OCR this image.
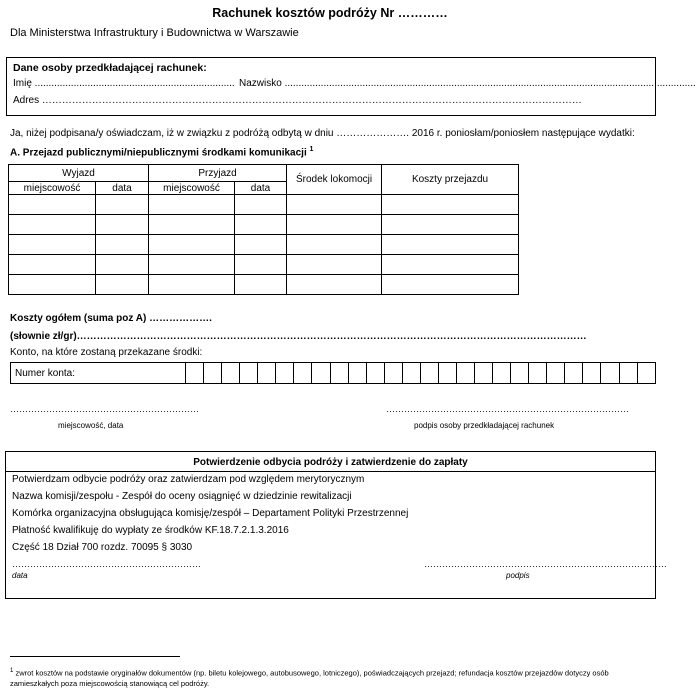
Rachunek kosztów podróży Nr …………
Dla Ministerstwa Infrastruktury i Budownictwa w Warszawie
Dane osoby przedkładającej rachunek:
Imię ........................................................................ Nazwisko ....................................................................................................................................................
Adres ………………………………………………………………………………………………………………………………………………
Ja, niżej podpisana/y oświadczam, iż w związku z podróżą odbytą w dniu …………………. 2016 r. poniosłam/poniosłem następujące wydatki:
A. Przejazd publicznymi/niepublicznymi środkami komunikacji $^1$
Wyjazd		Przyjazd		Środek lokomocji	Koszty przejazdu
miejscowość	data	miejscowość	data		

Koszty ogółem (suma poz A) ……………….
(słownie zł/gr)………………………………………………………………………………………………………………………………………
Konto, na które zostaną przekazane środki:
Numer konta:																										
………………………………………………………	………………………………………………………………………
miejscowość, data	podpis osoby przedkładającej rachunek
Potwierdzenie odbycia podróży i zatwierdzenie do zapłaty
Potwierdzam odbycie podróży oraz zatwierdzam pod względem merytorycznym
Nazwa komisji/zespołu - Zespół do oceny osiągnięć w dziedzinie rewitalizacji
Komórka organizacyjna obsługująca komisję/zespół – Departament Polityki Przestrzennej
Płatność kwalifikuję do wypłaty ze środków KF.18.7.2.1.3.2016
Część 18 Dział 700 rozdz. 70095 § 3030
………………………………………………………	………………………………………………………………………
data	podpis
$^1$ zwrot kosztów na podstawie oryginałów dokumentów (np. biletu kolejowego, autobusowego, lotniczego), poświadczających przejazd; refundacja kosztów przejazdów dotyczy osób zamieszkałych poza miejscowością stanowiącą cel podróży.
